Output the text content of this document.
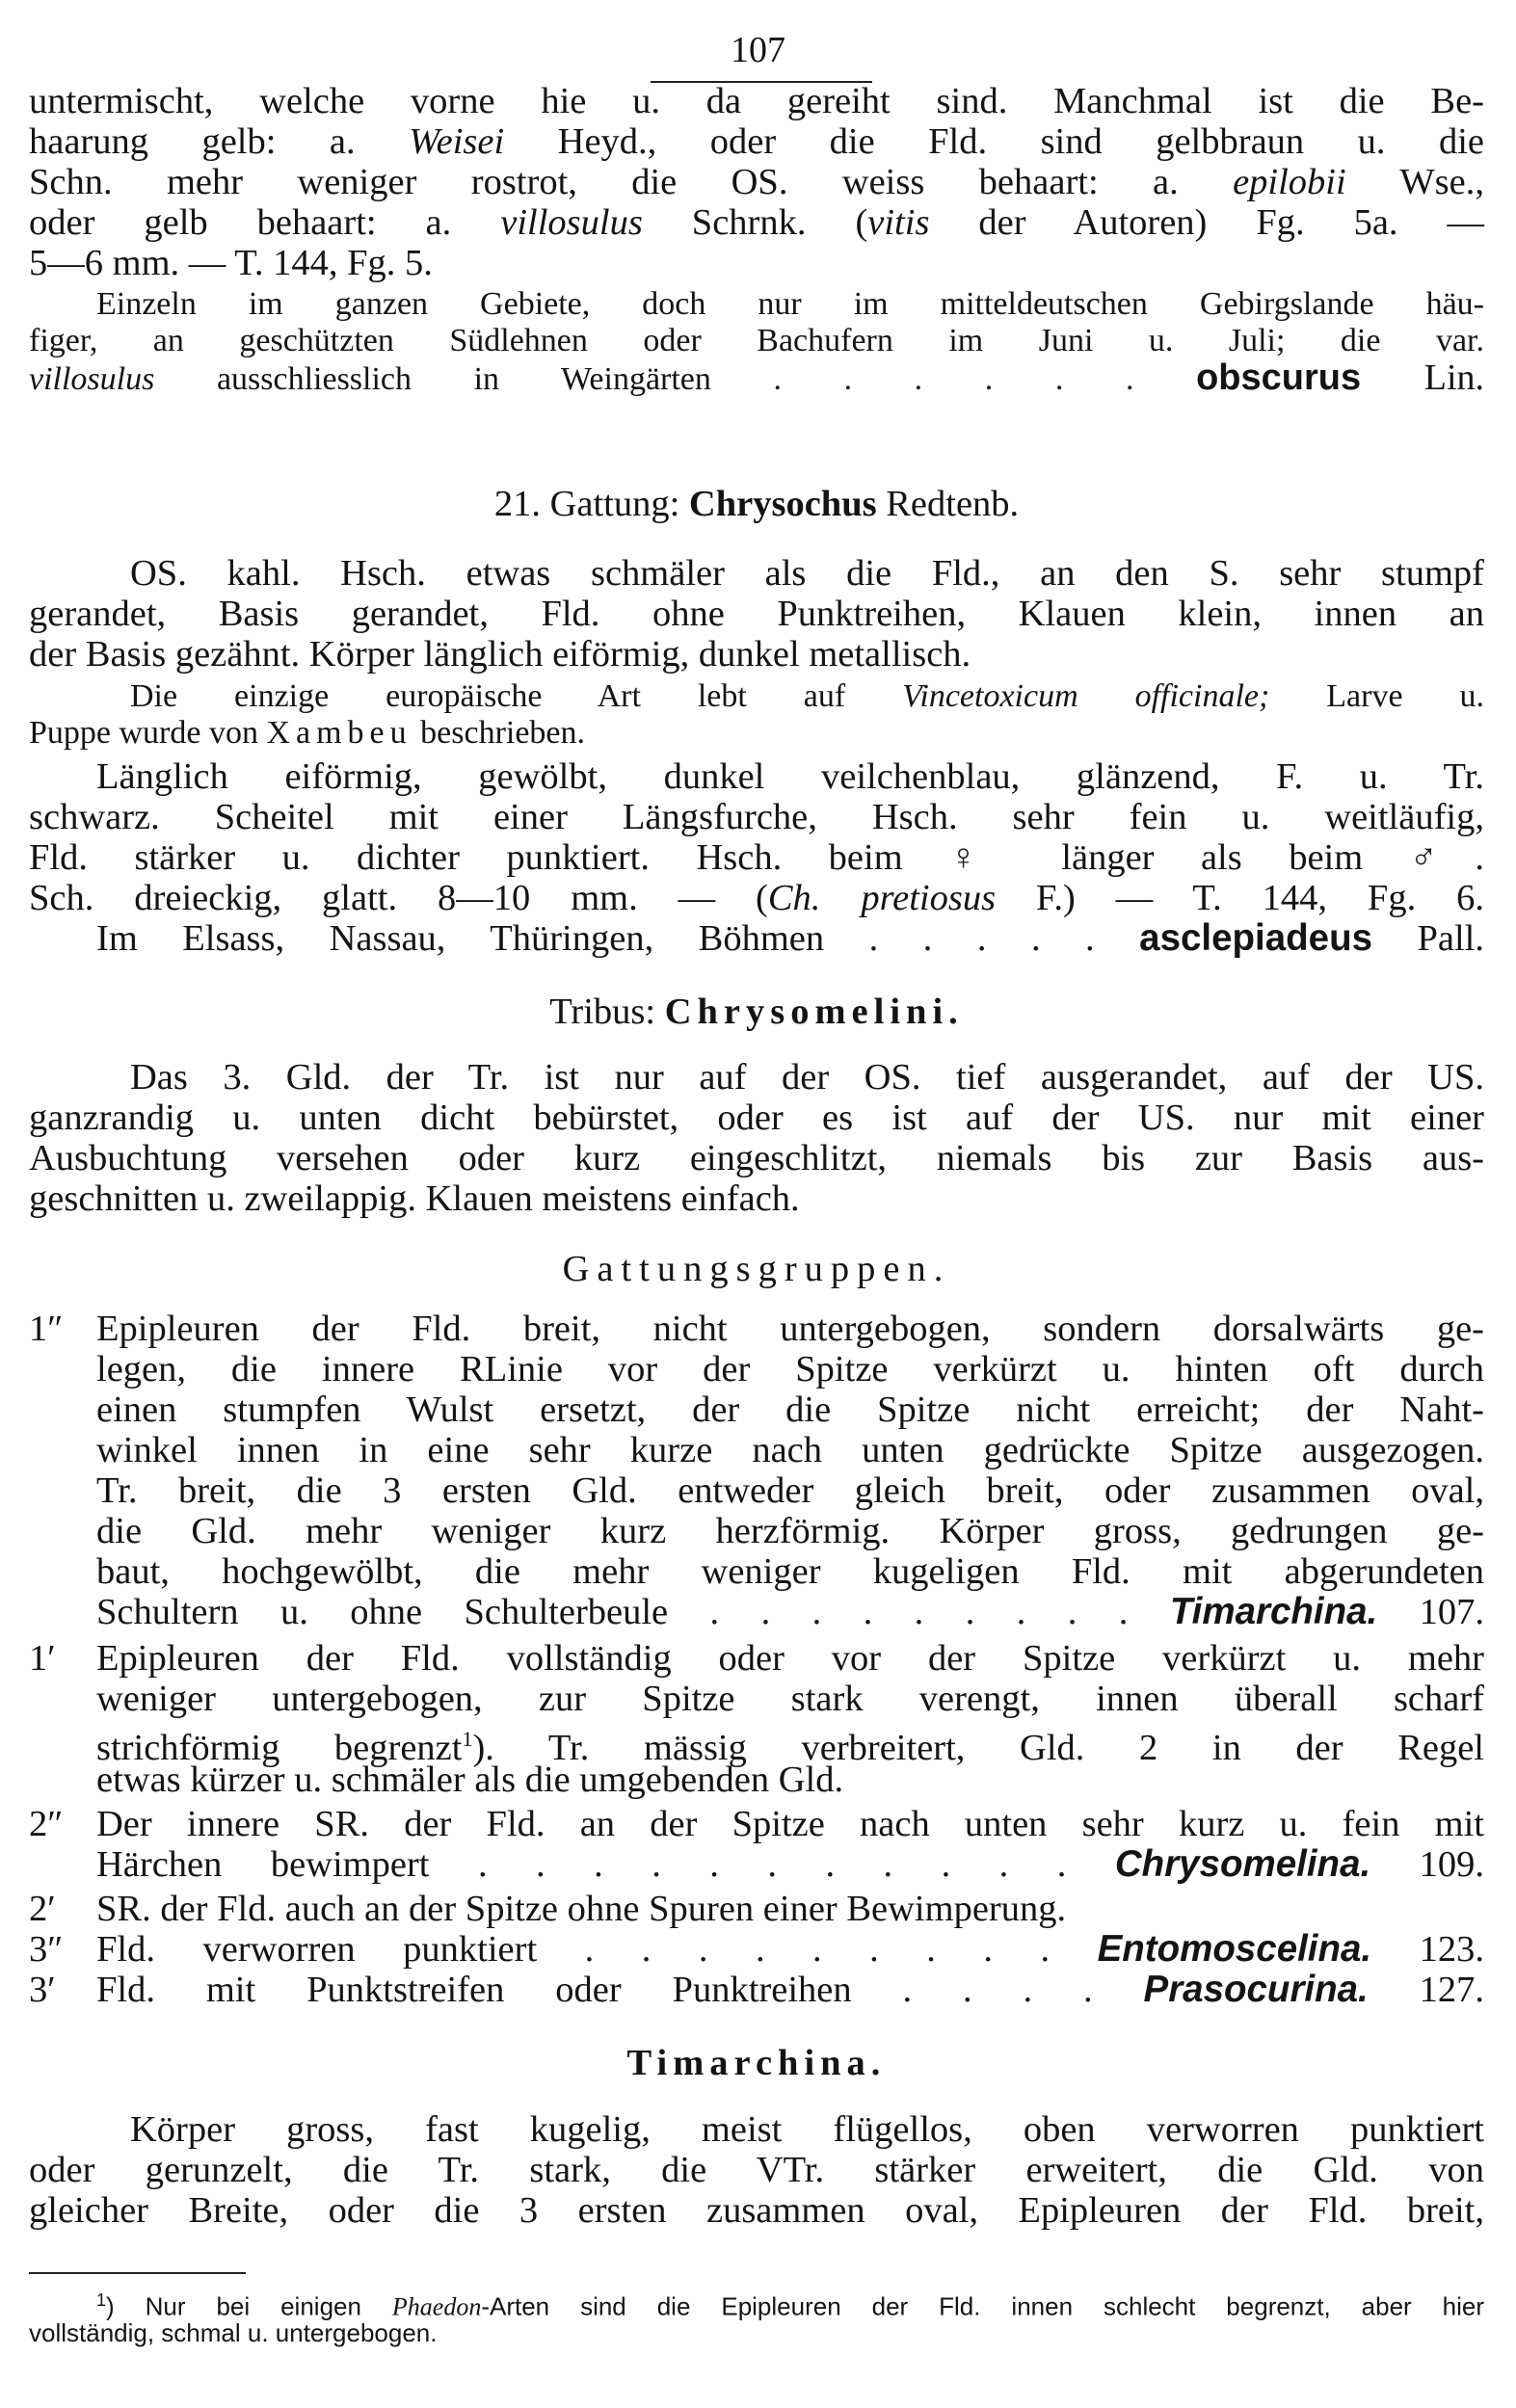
107
untermischt, welche vorne hie u. da gereiht sind. Manchmal ist die Be-
haarung gelb: a. Weisei Heyd., oder die Fld. sind gelbbraun u. die
Schn. mehr weniger rostrot, die OS. weiss behaart: a. epilobii Wse.,
oder gelb behaart: a. villosulus Schrnk. (vitis der Autoren) Fg. 5a. —
5—6 mm. — T. 144, Fg. 5.
Einzeln im ganzen Gebiete, doch nur im mitteldeutschen Gebirgslande häu-
figer, an geschützten Südlehnen oder Bachufern im Juni u. Juli; die var.
villosulus ausschliesslich in Weingärten . . . . . . obscurus Lin.
21. Gattung: Chrysochus Redtenb.
OS. kahl. Hsch. etwas schmäler als die Fld., an den S. sehr stumpf
gerandet, Basis gerandet, Fld. ohne Punktreihen, Klauen klein, innen an
der Basis gezähnt. Körper länglich eiförmig, dunkel metallisch.
Die einzige europäische Art lebt auf Vincetoxicum officinale; Larve u.
Puppe wurde von Xambeu beschrieben.
Länglich eiförmig, gewölbt, dunkel veilchenblau, glänzend, F. u. Tr.
schwarz. Scheitel mit einer Längsfurche, Hsch. sehr fein u. weitläufig,
Fld. stärker u. dichter punktiert. Hsch. beim ♀ länger als beim ♂.
Sch. dreieckig, glatt. 8—10 mm. — (Ch. pretiosus F.) — T. 144, Fg. 6.
Im Elsass, Nassau, Thüringen, Böhmen . . . . . asclepiadeus Pall.
Tribus: Chrysomelini.
Das 3. Gld. der Tr. ist nur auf der OS. tief ausgerandet, auf der US.
ganzrandig u. unten dicht bebürstet, oder es ist auf der US. nur mit einer
Ausbuchtung versehen oder kurz eingeschlitzt, niemals bis zur Basis aus-
geschnitten u. zweilappig. Klauen meistens einfach.
Gattungsgruppen.
1″ Epipleuren der Fld. breit, nicht untergebogen, sondern dorsalwärts ge-
legen, die innere RLinie vor der Spitze verkürzt u. hinten oft durch
einen stumpfen Wulst ersetzt, der die Spitze nicht erreicht; der Naht-
winkel innen in eine sehr kurze nach unten gedrückte Spitze ausgezogen.
Tr. breit, die 3 ersten Gld. entweder gleich breit, oder zusammen oval,
die Gld. mehr weniger kurz herzförmig. Körper gross, gedrungen ge-
baut, hochgewölbt, die mehr weniger kugeligen Fld. mit abgerundeten
Schultern u. ohne Schulterbeule . . . . . . . . . Timarchina. 107.
1′	Epipleuren der Fld. vollständig oder vor der Spitze verkürzt u. mehr
weniger untergebogen, zur Spitze stark verengt, innen überall scharf
strichförmig begrenzt$^1$). Tr. mässig verbreitert, Gld. 2 in der Regel
etwas kürzer u. schmäler als die umgebenden Gld.
2″ Der innere SR. der Fld. an der Spitze nach unten sehr kurz u. fein mit
Härchen bewimpert . . . . . . . . . . . Chrysomelina. 109.
2′	SR. der Fld. auch an der Spitze ohne Spuren einer Bewimperung.
3″ Fld. verworren punktiert . . . . . . . . . Entomoscelina. 123.
3′	Fld. mit Punktstreifen oder Punktreihen . . . . Prasocurina. 127.
Timarchina.
Körper gross, fast kugelig, meist flügellos, oben verworren punktiert
oder gerunzelt, die Tr. stark, die VTr. stärker erweitert, die Gld. von
gleicher Breite, oder die 3 ersten zusammen oval, Epipleuren der Fld. breit,
$^1$) Nur bei einigen Phaedon-Arten sind die Epipleuren der Fld. innen schlecht begrenzt, aber hier
vollständig, schmal u. untergebogen.
